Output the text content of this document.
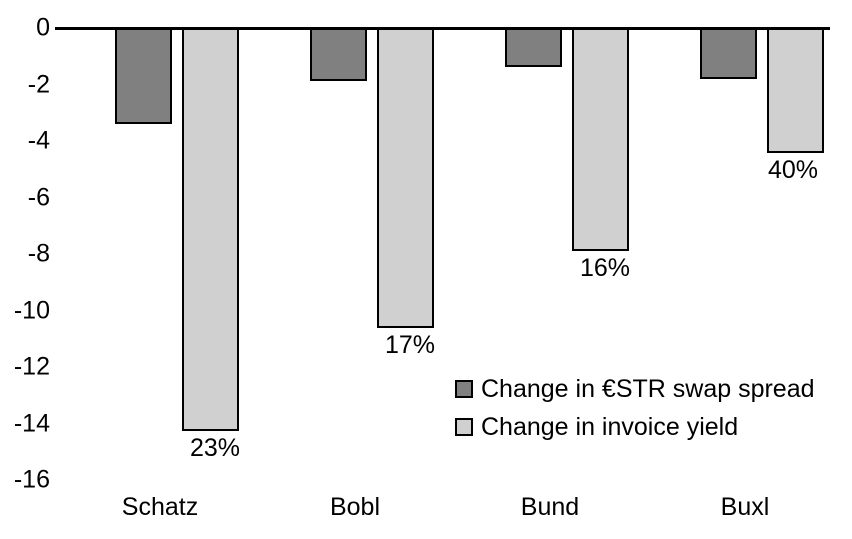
0
-2
-4
-6
-8
-10
-12
-14
-16
23%
17%
16%
40%
Change in €STR swap spread
Change in invoice yield
Schatz	Bobl	Bund	Buxl
